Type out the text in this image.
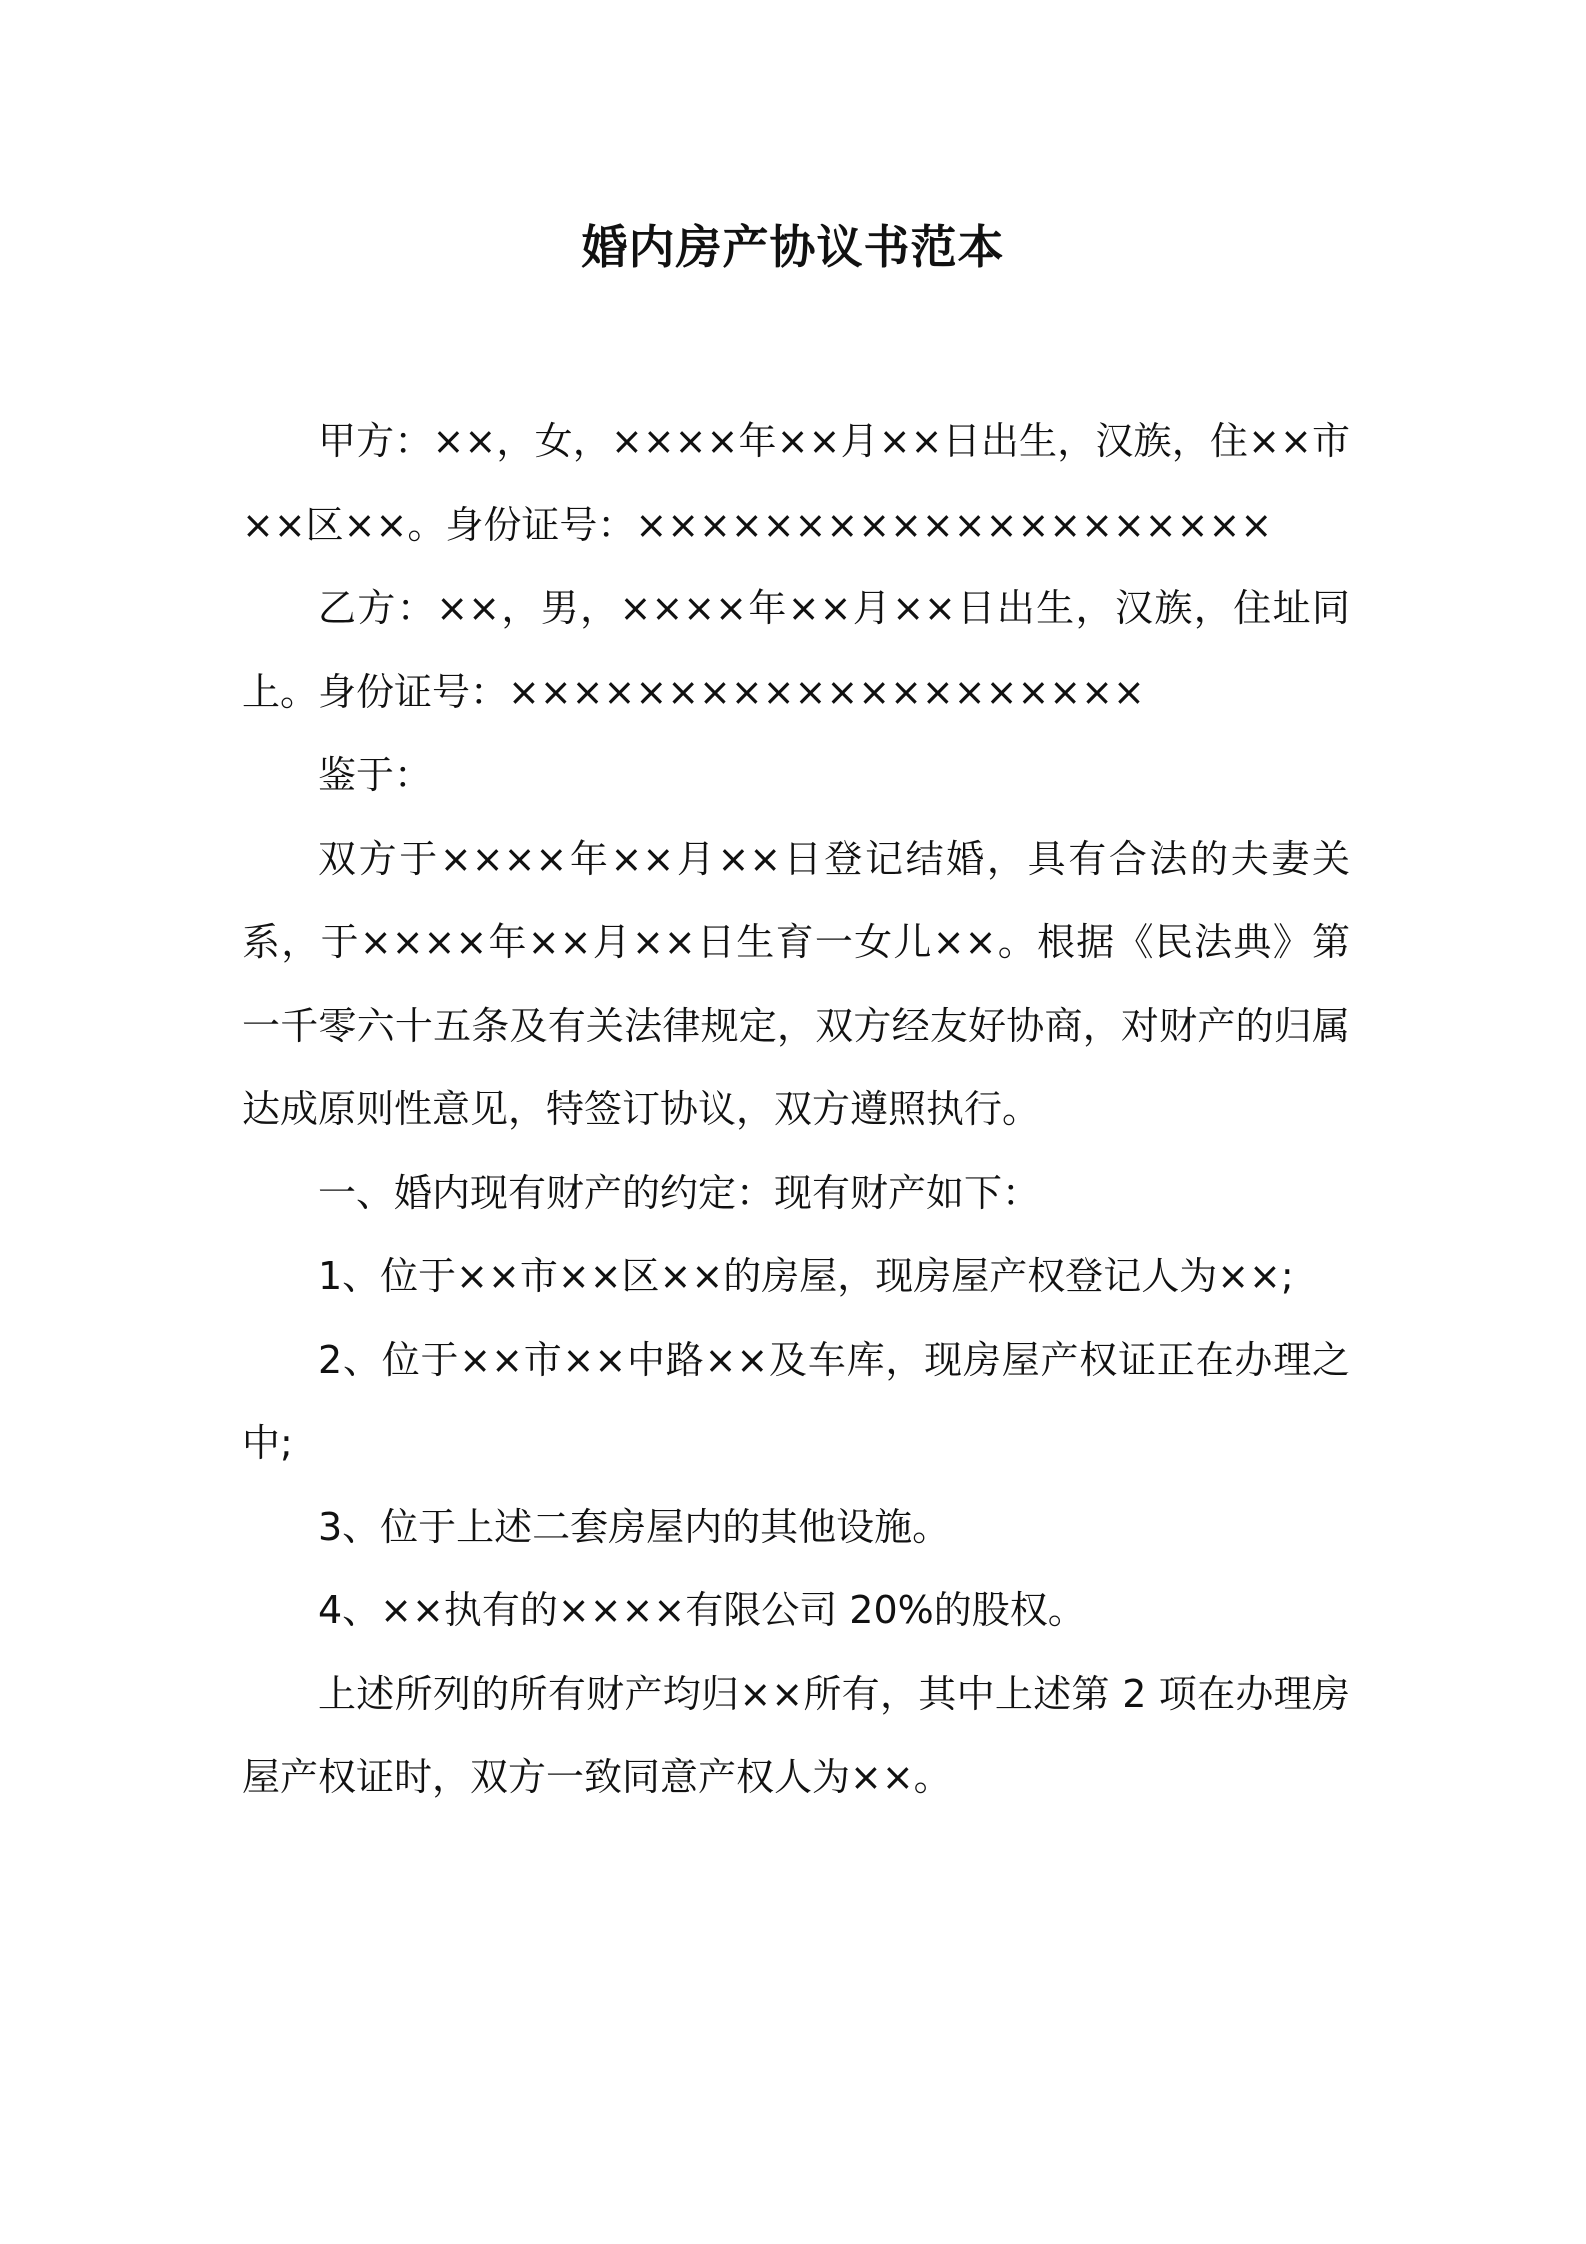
婚内房产协议书范本

甲方：××，女，××××年××月××日出生，汉族，住××市××区××。身份证号：××××××××××××××××××××

乙方：××，男，××××年××月××日出生，汉族，住址同上。身份证号：××××××××××××××××××××

鉴于：

双方于××××年××月××日登记结婚，具有合法的夫妻关系，于××××年××月××日生育一女儿××。根据《民法典》第一千零六十五条及有关法律规定，双方经友好协商，对财产的归属达成原则性意见，特签订协议，双方遵照执行。

一、婚内现有财产的约定：现有财产如下：

1、位于××市××区××的房屋，现房屋产权登记人为××;

2、位于××市××中路××及车库，现房屋产权证正在办理之中;

3、位于上述二套房屋内的其他设施。

4、××执有的××××有限公司 20%的股权。

上述所列的所有财产均归××所有，其中上述第 2 项在办理房屋产权证时，双方一致同意产权人为××。
